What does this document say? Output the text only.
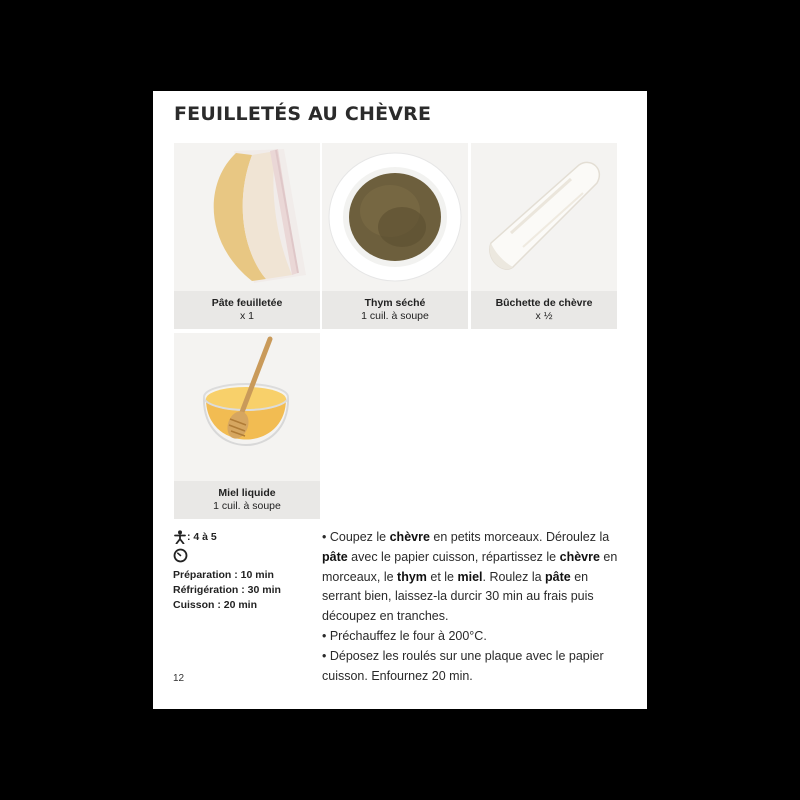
FEUILLETÉS AU CHÈVRE
Pâte feuilletée
x 1
Thym séché
1 cuil. à soupe
Bûchette de chèvre
x ½
Miel liquide
1 cuil. à soupe
: 4 à 5
Préparation : 10 min
Réfrigération : 30 min
Cuisson : 20 min

• Coupez le chèvre en petits morceaux. Déroulez la pâte avec le papier cuisson, répartissez le chèvre en morceaux, le thym et le miel. Roulez la pâte en serrant bien, laissez-la durcir 30 min au frais puis découpez en tranches.

• Préchauffez le four à 200°C.

• Déposez les roulés sur une plaque avec le papier cuisson. Enfournez 20 min.

12
